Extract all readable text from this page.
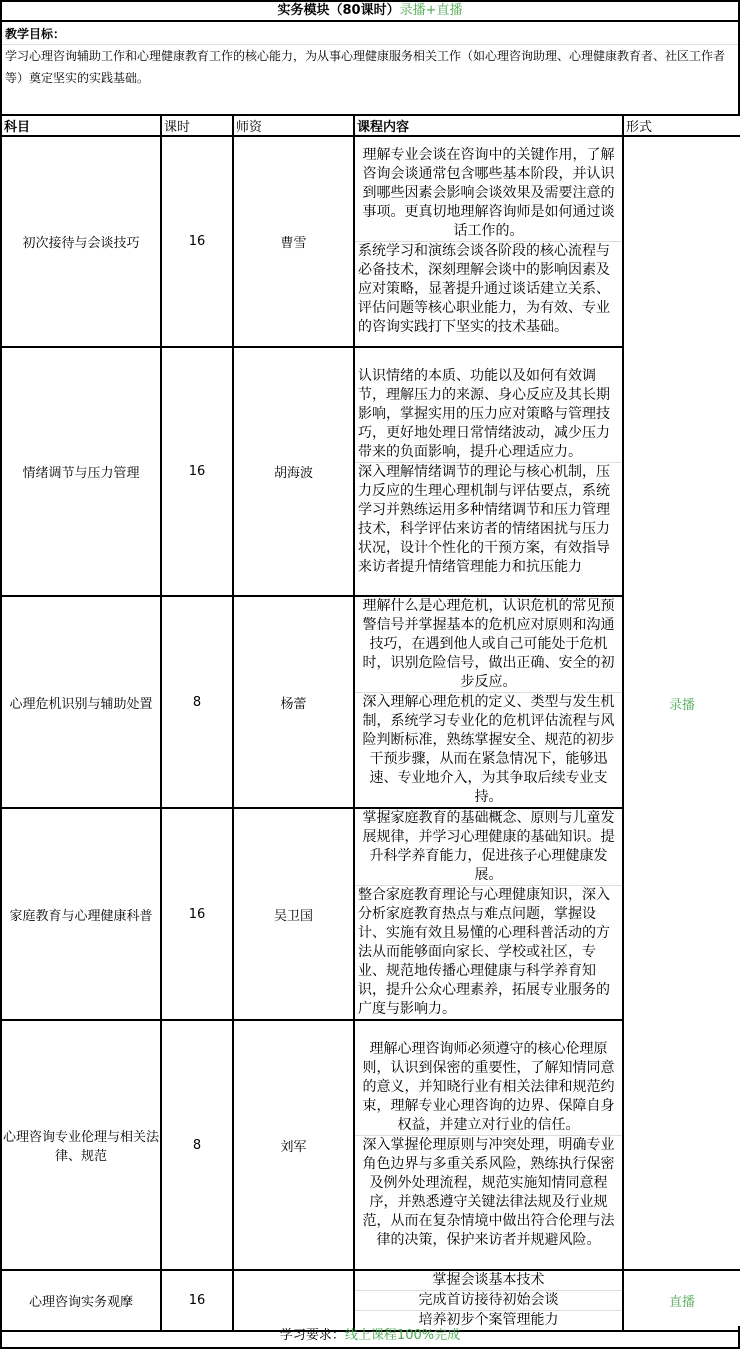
实务模块（80课时）录播+直播
教学目标：
学习心理咨询辅助工作和心理健康教育工作的核心能力，为从事心理健康服务相关工作（如心理咨询助理、心理健康教育者、社区工作者等）奠定坚实的实践基础。
科目	课时	师资	课程内容	形式
初次接待与会谈技巧	16	曹雪	理解专业会谈在咨询中的关键作用，了解咨询会谈通常包含哪些基本阶段，并认识到哪些因素会影响会谈效果及需要注意的事项。更真切地理解咨询师是如何通过谈话工作的。
系统学习和演练会谈各阶段的核心流程与必备技术，深刻理解会谈中的影响因素及应对策略，显著提升通过谈话建立关系、评估问题等核心职业能力，为有效、专业的咨询实践打下坚实的技术基础。	录播
情绪调节与压力管理	16	胡海波	认识情绪的本质、功能以及如何有效调节，理解压力的来源、身心反应及其长期影响，掌握实用的压力应对策略与管理技巧，更好地处理日常情绪波动，减少压力带来的负面影响，提升心理适应力。
深入理解情绪调节的理论与核心机制，压力反应的生理心理机制与评估要点，系统学习并熟练运用多种情绪调节和压力管理技术，科学评估来访者的情绪困扰与压力状况，设计个性化的干预方案，有效指导来访者提升情绪管理能力和抗压能力	

心理危机识别与辅助处置	8	杨蕾	理解什么是心理危机，认识危机的常见预警信号并掌握基本的危机应对原则和沟通技巧，在遇到他人或自己可能处于危机时，识别危险信号，做出正确、安全的初步反应。
深入理解心理危机的定义、类型与发生机制，系统学习专业化的危机评估流程与风险判断标准，熟练掌握安全、规范的初步干预步骤，从而在紧急情况下，能够迅速、专业地介入，为其争取后续专业支持。	

家庭教育与心理健康科普	16	吴卫国	掌握家庭教育的基础概念、原则与儿童发展规律，并学习心理健康的基础知识。提升科学养育能力，促进孩子心理健康发展。
整合家庭教育理论与心理健康知识，深入分析家庭教育热点与难点问题，掌握设计、实施有效且易懂的心理科普活动的方法从而能够面向家长、学校或社区，专业、规范地传播心理健康与科学养育知识，提升公众心理素养，拓展专业服务的广度与影响力。	

心理咨询专业伦理与相关法律、规范	8	刘军	理解心理咨询师必须遵守的核心伦理原则，认识到保密的重要性，了解知情同意的意义，并知晓行业有相关法律和规范约束，理解专业心理咨询的边界、保障自身权益，并建立对行业的信任。
深入掌握伦理原则与冲突处理，明确专业角色边界与多重关系风险，熟练执行保密及例外处理流程，规范实施知情同意程序，并熟悉遵守关键法律法规及行业规范，从而在复杂情境中做出符合伦理与法律的决策，保护来访者并规避风险。	

心理咨询实务观摩	16		掌握会谈基本技术
完成首访接待初始会谈
培养初步个案管理能力	直播
学习要求：线上课程100%完成
